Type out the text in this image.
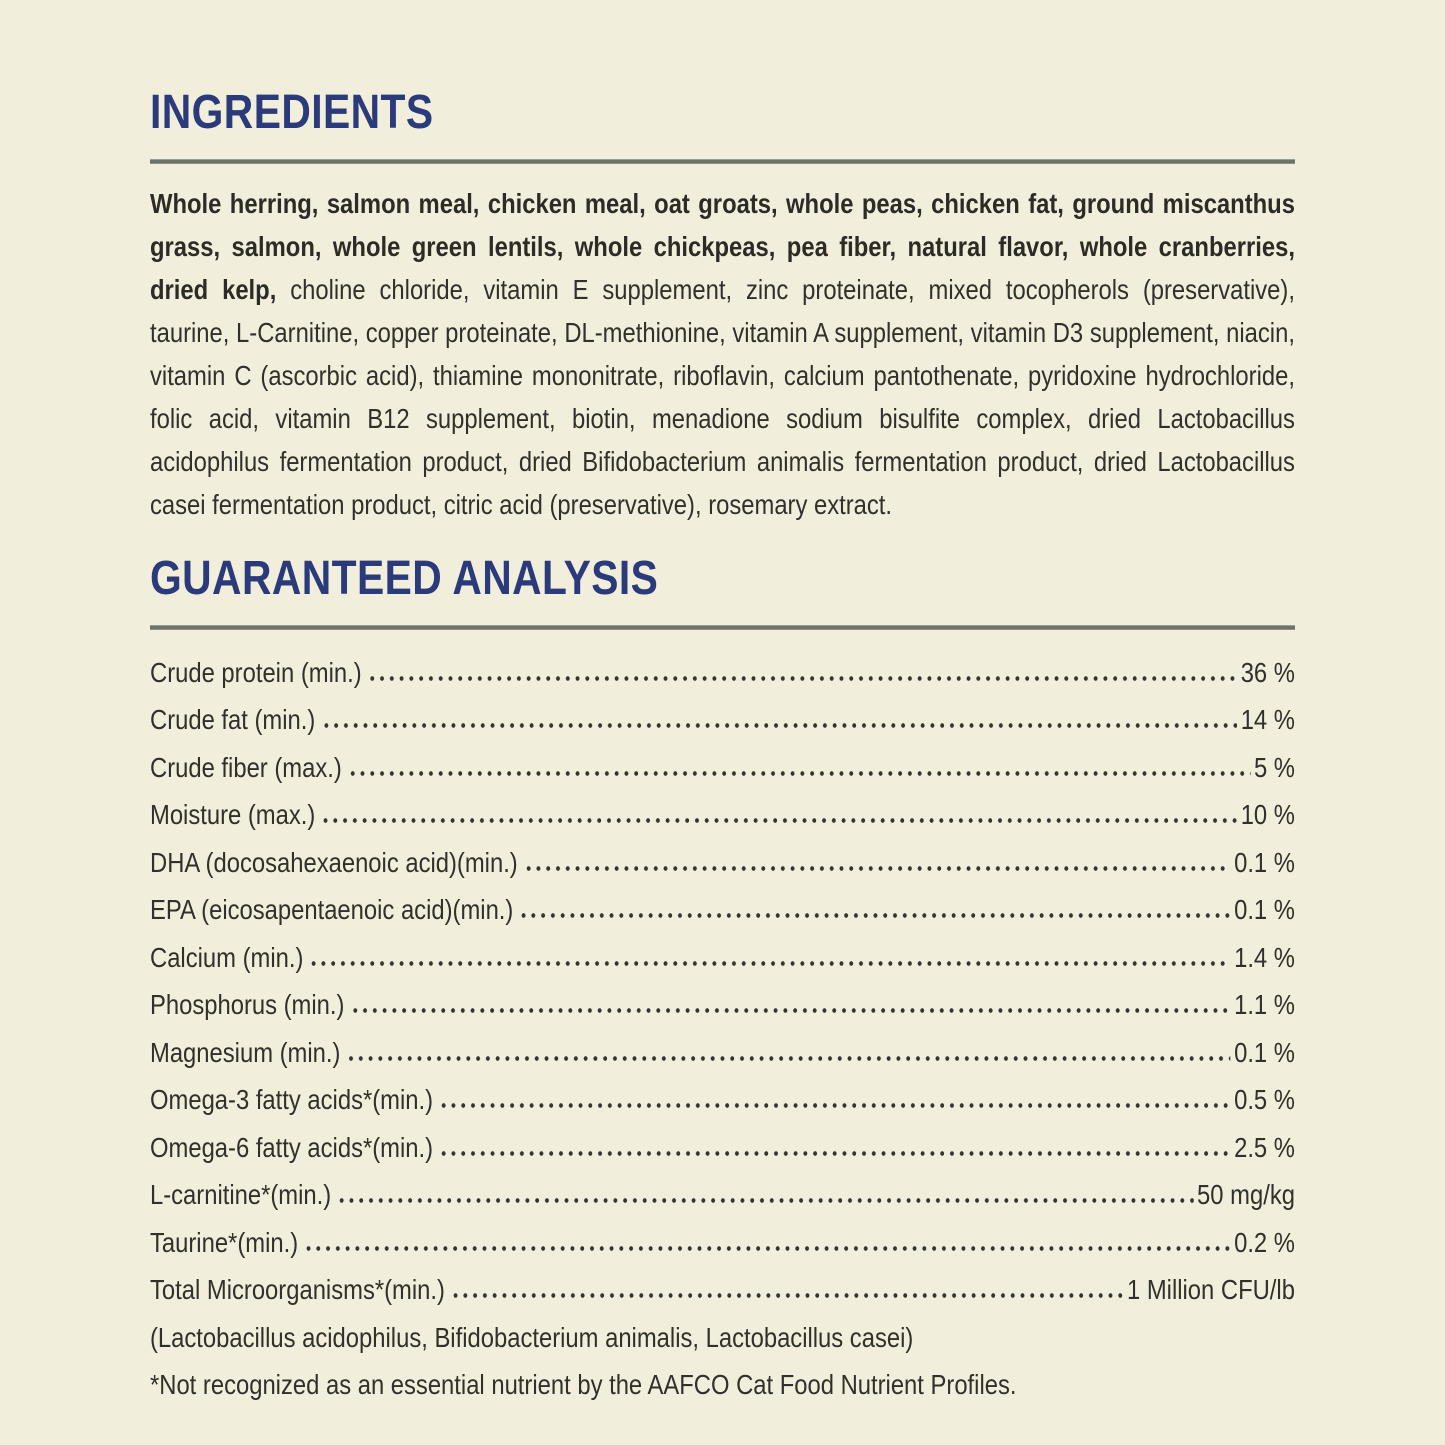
INGREDIENTS

Whole herring, salmon meal, chicken meal, oat groats, whole peas, chicken fat, ground miscanthus grass, salmon, whole green lentils, whole chickpeas, pea fiber, natural flavor, whole cranberries, dried kelp, choline chloride, vitamin E supplement, zinc proteinate, mixed tocopherols (preservative), taurine, L-Carnitine, copper proteinate, DL-methionine, vitamin A supplement, vitamin D3 supplement, niacin, vitamin C (ascorbic acid), thiamine mononitrate, riboflavin, calcium pantothenate, pyridoxine hydrochloride, folic acid, vitamin B12 supplement, biotin, menadione sodium bisulfite complex, dried Lactobacillus acidophilus fermentation product, dried Bifidobacterium animalis fermentation product, dried Lactobacillus casei fermentation product, citric acid (preservative), rosemary extract.

GUARANTEED ANALYSIS
Crude protein (min.)	36 %
Crude fat (min.)	14 %
Crude fiber (max.)	5 %
Moisture (max.)	10 %
DHA (docosahexaenoic acid)(min.)	0.1 %
EPA (eicosapentaenoic acid)(min.)	0.1 %
Calcium (min.)	1.4 %
Phosphorus (min.)	1.1 %
Magnesium (min.)	0.1 %
Omega-3 fatty acids*(min.)	0.5 %
Omega-6 fatty acids*(min.)	2.5 %
L-carnitine*(min.)	50 mg/kg
Taurine*(min.)	0.2 %
Total Microorganisms*(min.)	1 Million CFU/lb
(Lactobacillus acidophilus, Bifidobacterium animalis, Lactobacillus casei)
*Not recognized as an essential nutrient by the AAFCO Cat Food Nutrient Profiles.
